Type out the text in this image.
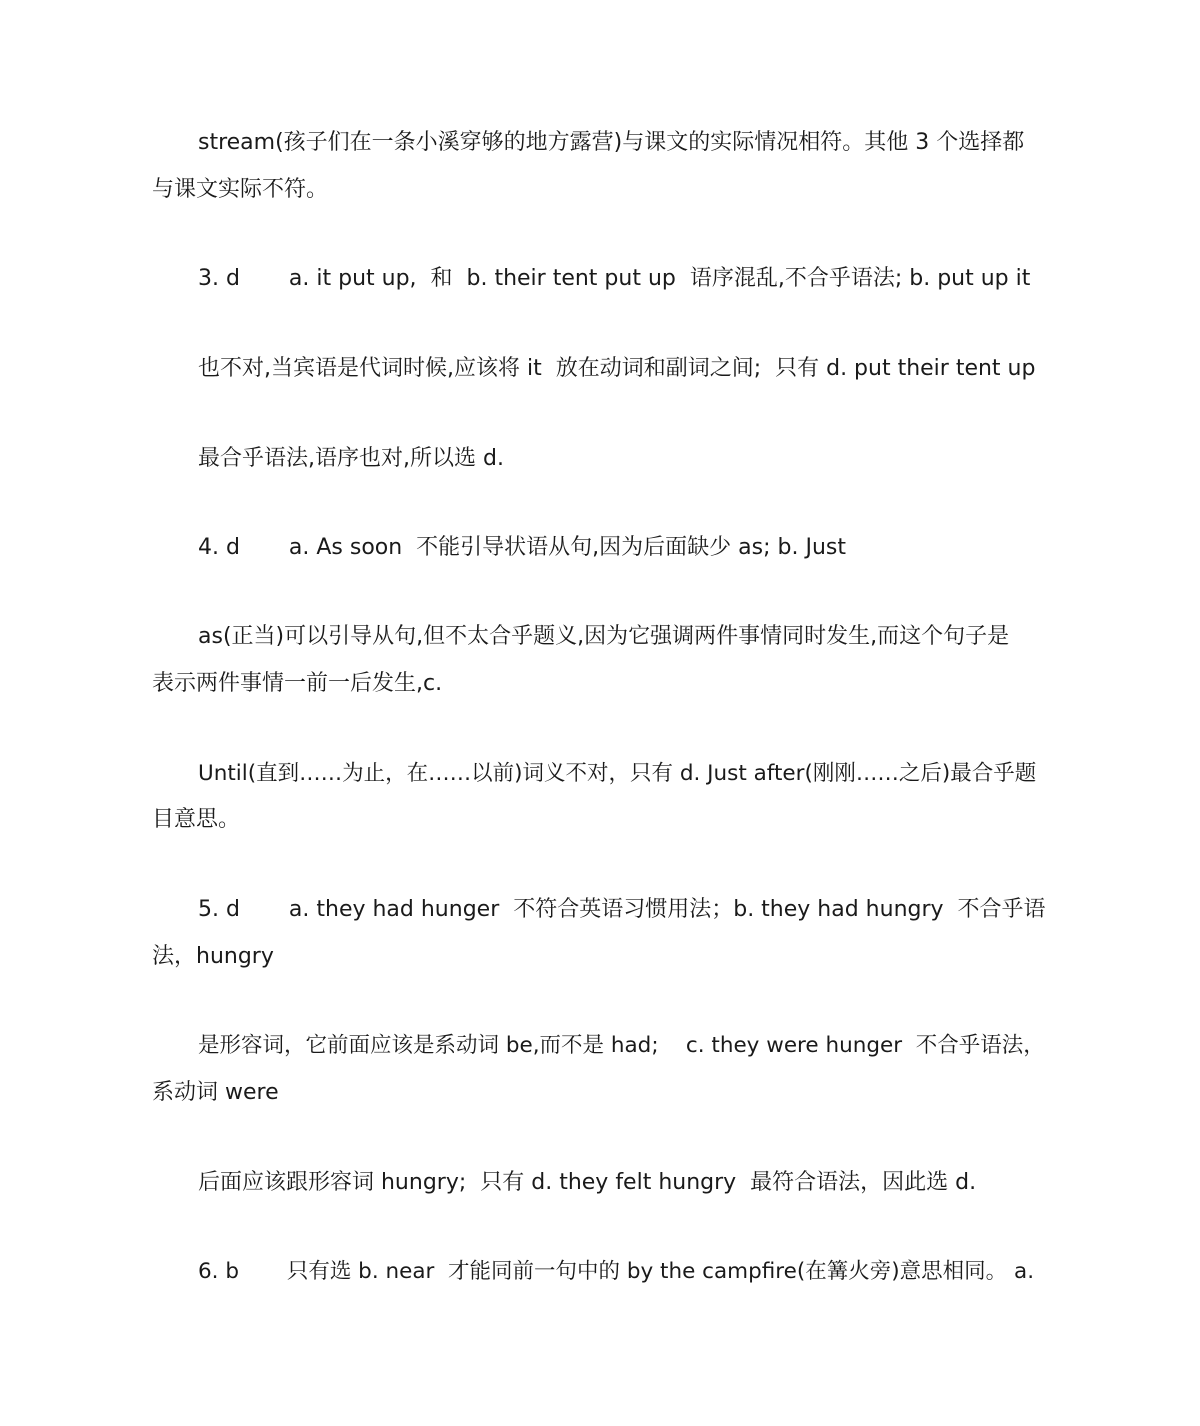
stream(孩子们在一条小溪穿够的地方露营)与课文的实际情况相符。其他 3 个选择都
与课文实际不符。
3. d       a. it put up,  和  b. their tent put up  语序混乱,不合乎语法; b. put up it
也不对,当宾语是代词时候,应该将 it  放在动词和副词之间;  只有 d. put their tent up
最合乎语法,语序也对,所以选 d.
4. d       a. As soon  不能引导状语从句,因为后面缺少 as; b. Just
as(正当)可以引导从句,但不太合乎题义,因为它强调两件事情同时发生,而这个句子是
表示两件事情一前一后发生,c.
Until(直到……为止，在……以前)词义不对，只有 d. Just after(刚刚……之后)最合乎题
目意思。
5. d       a. they had hunger  不符合英语习惯用法；b. they had hungry  不合乎语
法，hungry
是形容词，它前面应该是系动词 be,而不是 had;    c. they were hunger  不合乎语法，
系动词 were
后面应该跟形容词 hungry;  只有 d. they felt hungry  最符合语法，因此选 d.
6. b       只有选 b. near  才能同前一句中的 by the campfire(在篝火旁)意思相同。 a.
